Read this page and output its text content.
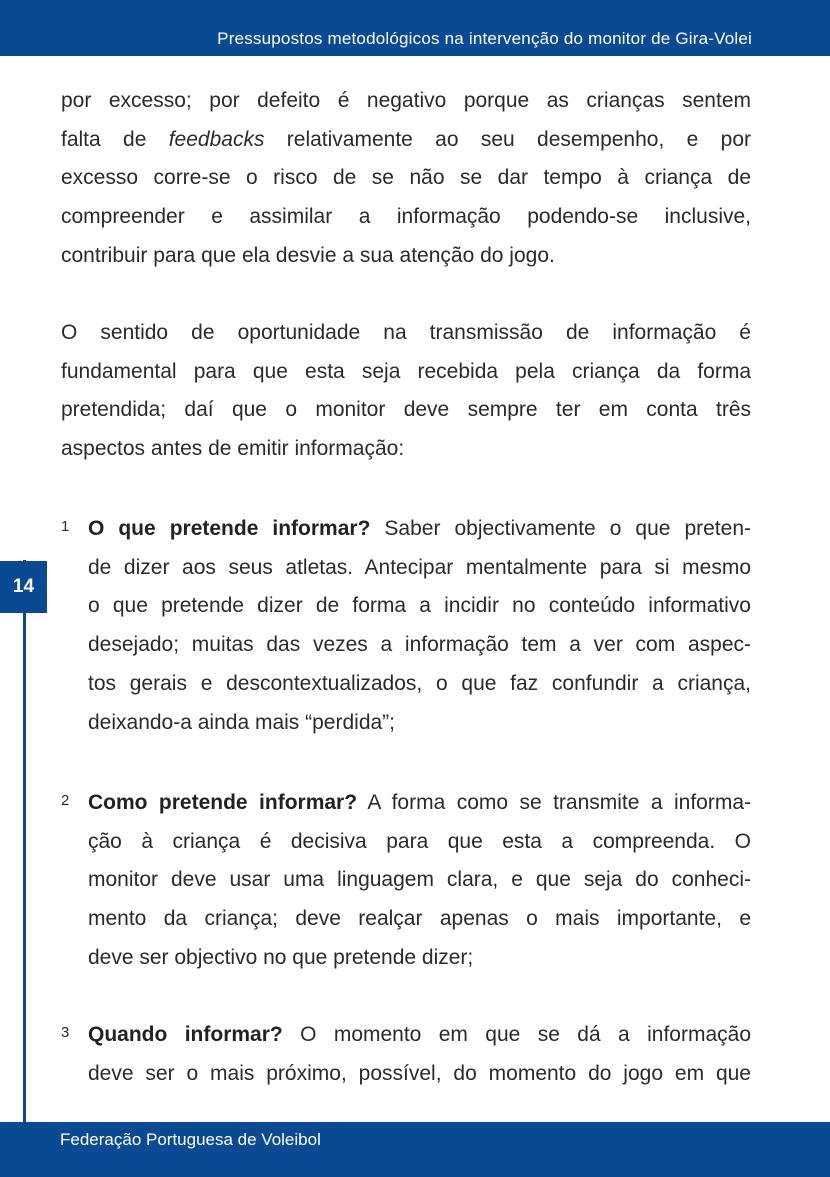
Pressupostos metodológicos na intervenção do monitor de Gira-Volei
14
por excesso; por defeito é negativo porque as crianças sentem
falta de feedbacks relativamente ao seu desempenho, e por
excesso corre-se o risco de se não se dar tempo à criança de
compreender e assimilar a informação podendo-se inclusive,
contribuir para que ela desvie a sua atenção do jogo.
O sentido de oportunidade na transmissão de informação é
fundamental para que esta seja recebida pela criança da forma
pretendida; daí que o monitor deve sempre ter em conta três
aspectos antes de emitir informação:
1 O que pretende informar? Saber objectivamente o que preten-
de dizer aos seus atletas. Antecipar mentalmente para si mesmo
o que pretende dizer de forma a incidir no conteúdo informativo
desejado; muitas das vezes a informação tem a ver com aspec-
tos gerais e descontextualizados, o que faz confundir a criança,
deixando-a ainda mais “perdida”;
2 Como pretende informar? A forma como se transmite a informa-
ção à criança é decisiva para que esta a compreenda. O
monitor deve usar uma linguagem clara, e que seja do conheci-
mento da criança; deve realçar apenas o mais importante, e
deve ser objectivo no que pretende dizer;
3 Quando informar? O momento em que se dá a informação
deve ser o mais próximo, possível, do momento do jogo em que
Federação Portuguesa de Voleibol
